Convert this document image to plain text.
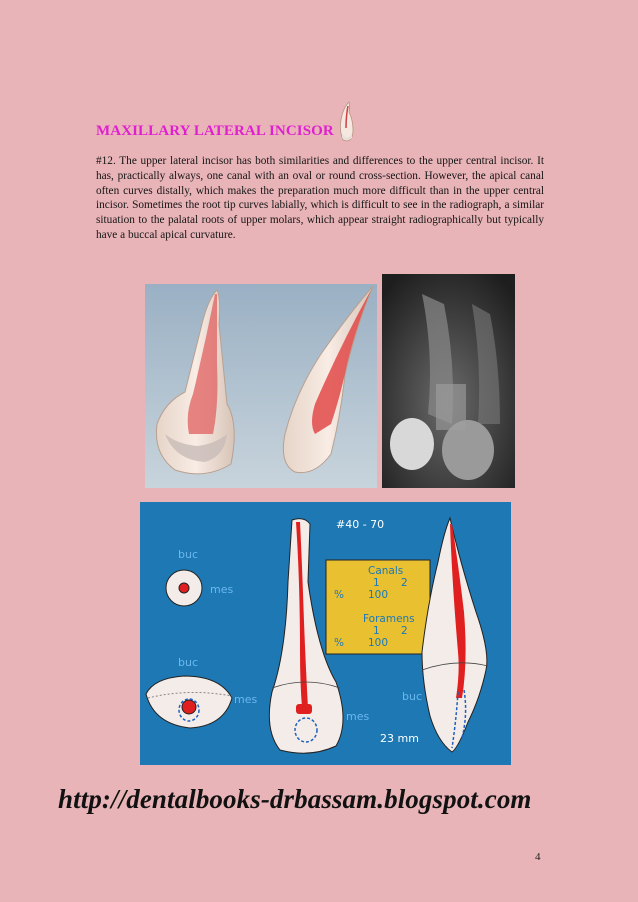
MAXILLARY LATERAL INCISOR

#12. The upper lateral incisor has both similarities and differences to the upper central incisor. It has, practically always, one canal with an oval or round cross-section. However, the apical canal often curves distally, which makes the preparation much more difficult than in the upper central incisor. Sometimes the root tip curves labially, which is difficult to see in the radiograph, a similar situation to the palatal roots of upper molars, which appear straight radiographically but typically have a buccal apical curvature.

buc
mes
buc
mes
#40 - 70
mes
23 mm
Canals
1 2
% 100
Foramens
1 2
% 100
buc
http://dentalbooks-drbassam.blogspot.com
4
